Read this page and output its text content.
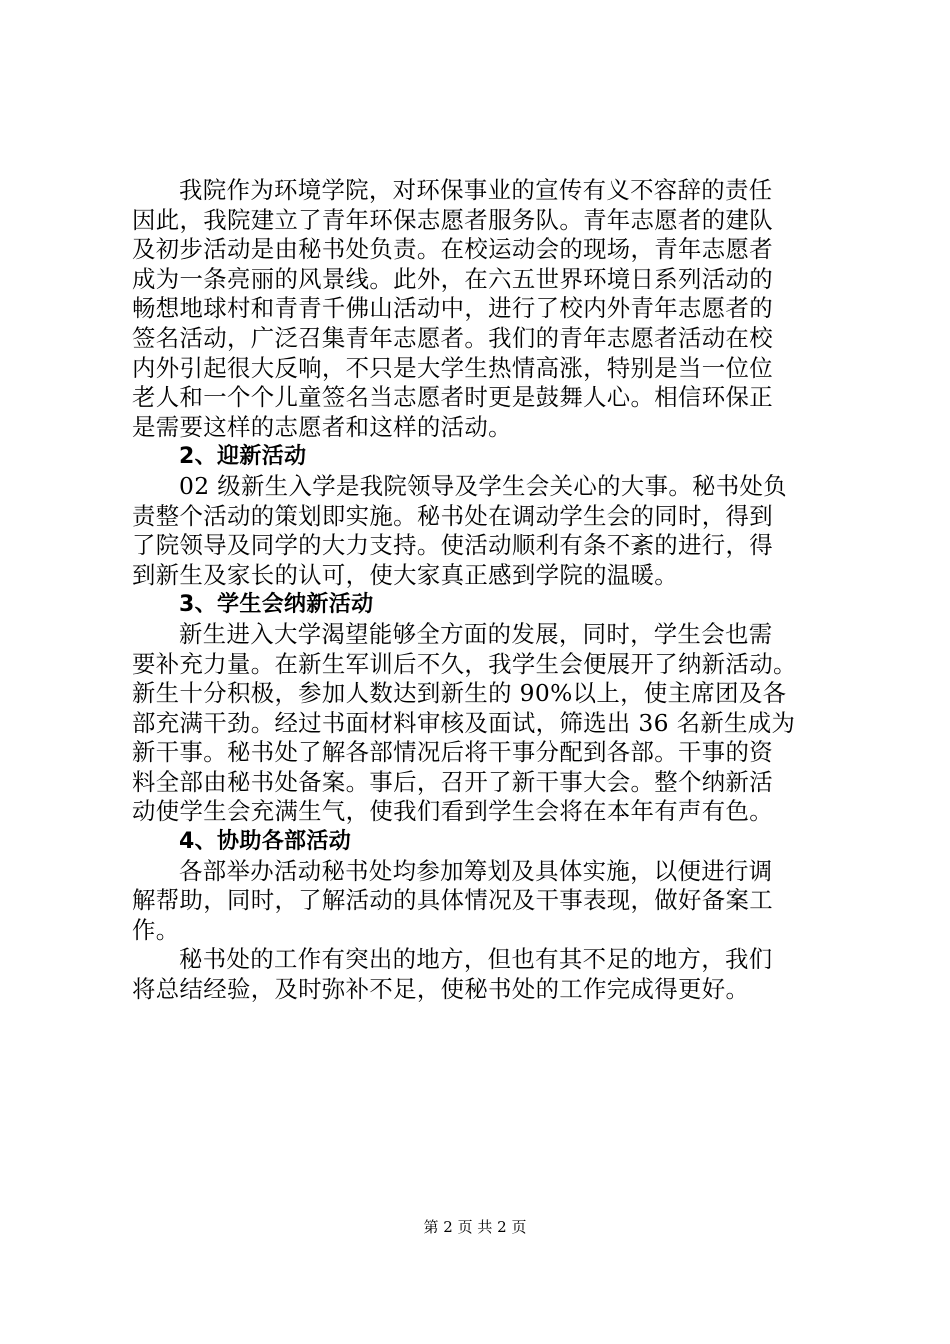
我院作为环境学院，对环保事业的宣传有义不容辞的责任
因此，我院建立了青年环保志愿者服务队。青年志愿者的建队
及初步活动是由秘书处负责。在校运动会的现场，青年志愿者
成为一条亮丽的风景线。此外，在六五世界环境日系列活动的
畅想地球村和青青千佛山活动中，进行了校内外青年志愿者的
签名活动，广泛召集青年志愿者。我们的青年志愿者活动在校
内外引起很大反响，不只是大学生热情高涨，特别是当一位位
老人和一个个儿童签名当志愿者时更是鼓舞人心。相信环保正
是需要这样的志愿者和这样的活动。
2、迎新活动
02 级新生入学是我院领导及学生会关心的大事。秘书处负
责整个活动的策划即实施。秘书处在调动学生会的同时，得到
了院领导及同学的大力支持。使活动顺利有条不紊的进行，得
到新生及家长的认可，使大家真正感到学院的温暖。
3、学生会纳新活动
新生进入大学渴望能够全方面的发展，同时，学生会也需
要补充力量。在新生军训后不久，我学生会便展开了纳新活动。
新生十分积极，参加人数达到新生的 90%以上，使主席团及各
部充满干劲。经过书面材料审核及面试，筛选出 36 名新生成为
新干事。秘书处了解各部情况后将干事分配到各部。干事的资
料全部由秘书处备案。事后，召开了新干事大会。整个纳新活
动使学生会充满生气，使我们看到学生会将在本年有声有色。
4、协助各部活动
各部举办活动秘书处均参加筹划及具体实施，以便进行调
解帮助，同时，了解活动的具体情况及干事表现，做好备案工
作。
秘书处的工作有突出的地方，但也有其不足的地方，我们
将总结经验，及时弥补不足，使秘书处的工作完成得更好。
第 2 页 共 2 页
